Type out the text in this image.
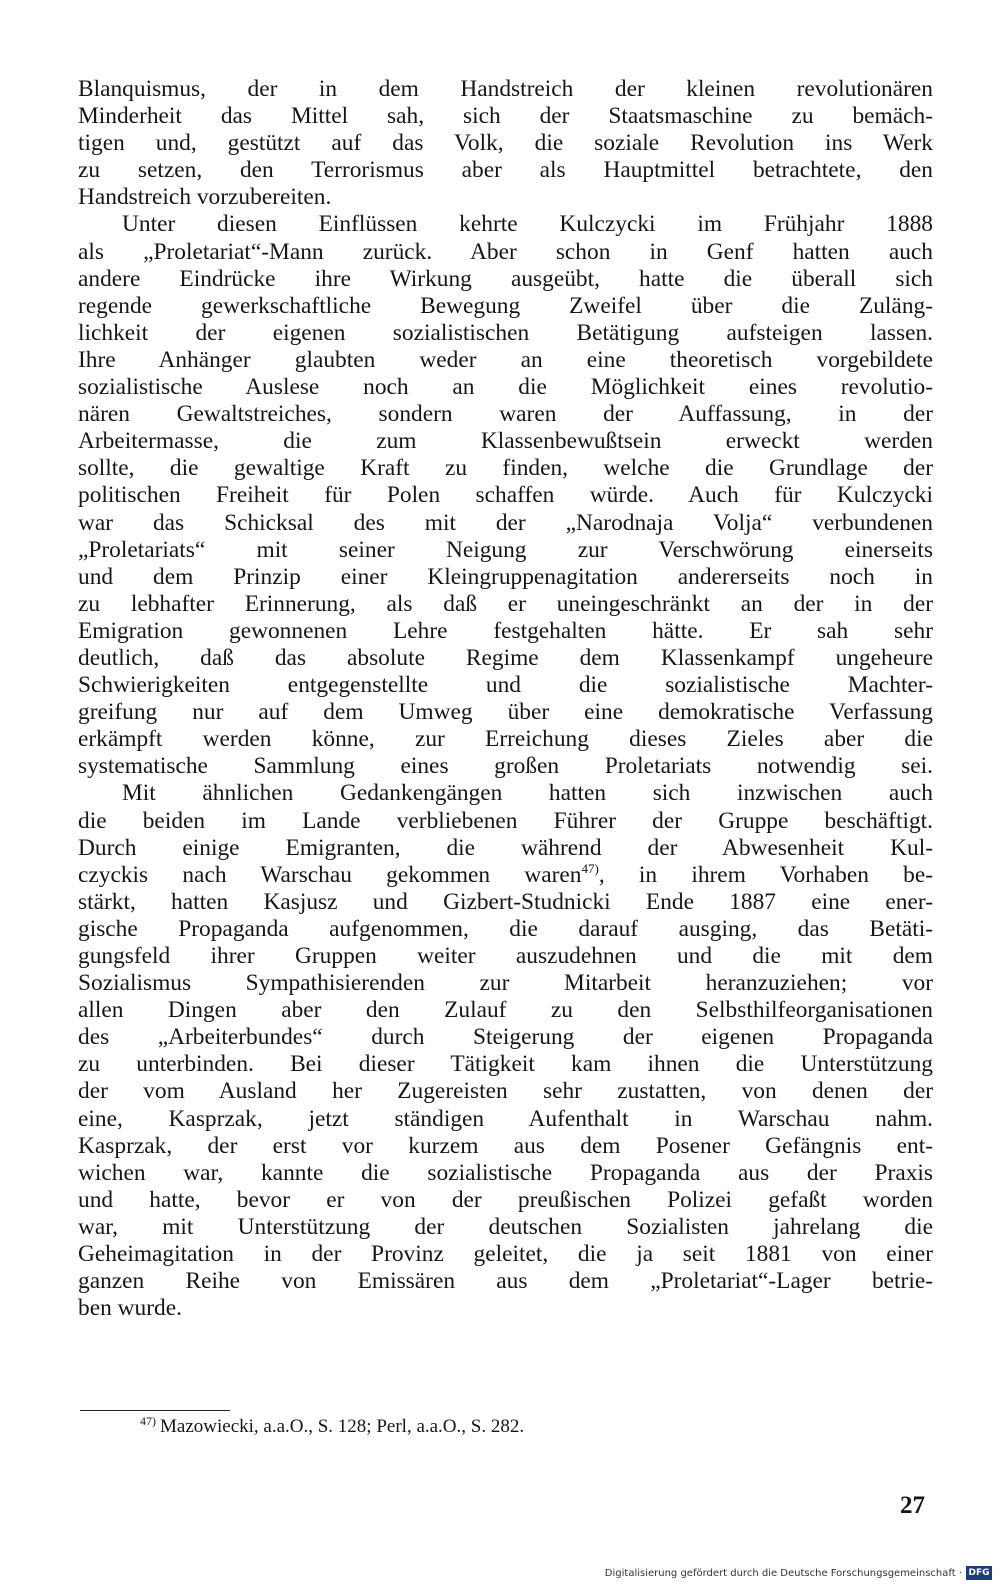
Blanquismus, der in dem Handstreich der kleinen revolutionären
Minderheit das Mittel sah, sich der Staatsmaschine zu bemäch-
tigen und, gestützt auf das Volk, die soziale Revolution ins Werk
zu setzen, den Terrorismus aber als Hauptmittel betrachtete, den
Handstreich vorzubereiten.
Unter diesen Einflüssen kehrte Kulczycki im Frühjahr 1888
als „Proletariat“-Mann zurück. Aber schon in Genf hatten auch
andere Eindrücke ihre Wirkung ausgeübt, hatte die überall sich
regende gewerkschaftliche Bewegung Zweifel über die Zuläng-
lichkeit der eigenen sozialistischen Betätigung aufsteigen lassen.
Ihre Anhänger glaubten weder an eine theoretisch vorgebildete
sozialistische Auslese noch an die Möglichkeit eines revolutio-
nären Gewaltstreiches, sondern waren der Auffassung, in der
Arbeitermasse, die zum Klassenbewußtsein erweckt werden
sollte, die gewaltige Kraft zu finden, welche die Grundlage der
politischen Freiheit für Polen schaffen würde. Auch für Kulczycki
war das Schicksal des mit der „Narodnaja Volja“ verbundenen
„Proletariats“ mit seiner Neigung zur Verschwörung einerseits
und dem Prinzip einer Kleingruppenagitation andererseits noch in
zu lebhafter Erinnerung, als daß er uneingeschränkt an der in der
Emigration gewonnenen Lehre festgehalten hätte. Er sah sehr
deutlich, daß das absolute Regime dem Klassenkampf ungeheure
Schwierigkeiten entgegenstellte und die sozialistische Machter-
greifung nur auf dem Umweg über eine demokratische Verfassung
erkämpft werden könne, zur Erreichung dieses Zieles aber die
systematische Sammlung eines großen Proletariats notwendig sei.
Mit ähnlichen Gedankengängen hatten sich inzwischen auch
die beiden im Lande verbliebenen Führer der Gruppe beschäftigt.
Durch einige Emigranten, die während der Abwesenheit Kul-
czyckis nach Warschau gekommen waren$^{47)}$, in ihrem Vorhaben be-
stärkt, hatten Kasjusz und Gizbert-Studnicki Ende 1887 eine ener-
gische Propaganda aufgenommen, die darauf ausging, das Betäti-
gungsfeld ihrer Gruppen weiter auszudehnen und die mit dem
Sozialismus Sympathisierenden zur Mitarbeit heranzuziehen; vor
allen Dingen aber den Zulauf zu den Selbsthilfeorganisationen
des „Arbeiterbundes“ durch Steigerung der eigenen Propaganda
zu unterbinden. Bei dieser Tätigkeit kam ihnen die Unterstützung
der vom Ausland her Zugereisten sehr zustatten, von denen der
eine, Kasprzak, jetzt ständigen Aufenthalt in Warschau nahm.
Kasprzak, der erst vor kurzem aus dem Posener Gefängnis ent-
wichen war, kannte die sozialistische Propaganda aus der Praxis
und hatte, bevor er von der preußischen Polizei gefaßt worden
war, mit Unterstützung der deutschen Sozialisten jahrelang die
Geheimagitation in der Provinz geleitet, die ja seit 1881 von einer
ganzen Reihe von Emissären aus dem „Proletariat“-Lager betrie-
ben wurde.
$^{47)}$ Mazowiecki, a.a.O., S. 128; Perl, a.a.O., S. 282.
27
Digitalisierung gefördert durch die Deutsche Forschungsgemeinschaft · DFG
